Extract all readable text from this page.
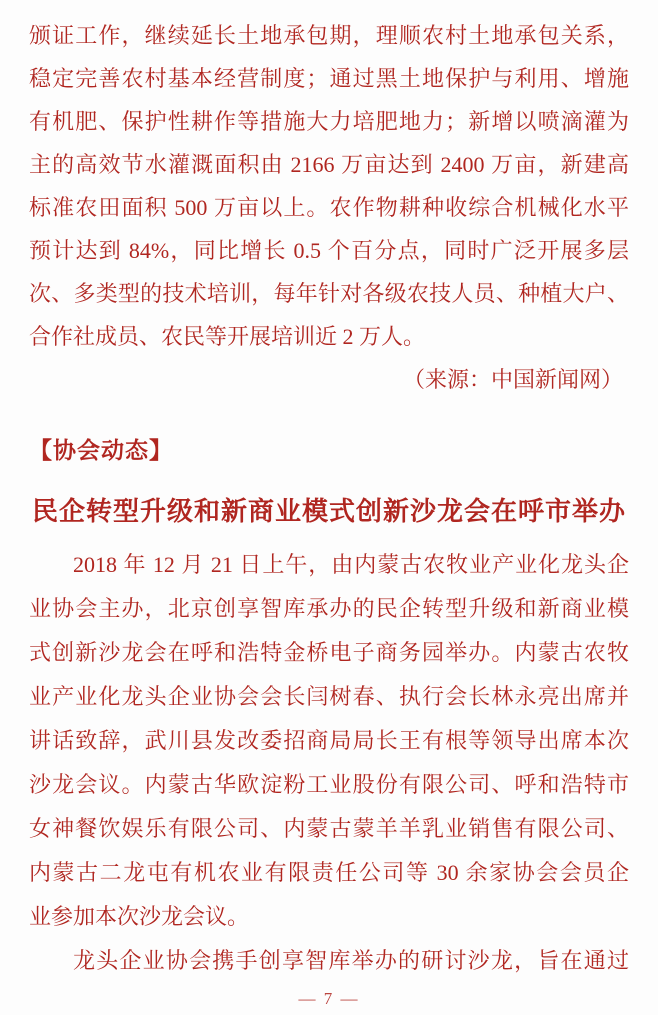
颁证工作，继续延长土地承包期，理顺农村土地承包关系，
稳定完善农村基本经营制度；通过黑土地保护与利用、增施
有机肥、保护性耕作等措施大力培肥地力；新增以喷滴灌为
主的高效节水灌溉面积由 2166 万亩达到 2400 万亩，新建高
标准农田面积 500 万亩以上。农作物耕种收综合机械化水平
预计达到 84%，同比增长 0.5 个百分点，同时广泛开展多层
次、多类型的技术培训，每年针对各级农技人员、种植大户、
合作社成员、农民等开展培训近 2 万人。
（来源：中国新闻网）
【协会动态】
民企转型升级和新商业模式创新沙龙会在呼市举办
2018 年 12 月 21 日上午，由内蒙古农牧业产业化龙头企
业协会主办，北京创享智库承办的民企转型升级和新商业模
式创新沙龙会在呼和浩特金桥电子商务园举办。内蒙古农牧
业产业化龙头企业协会会长闫树春、执行会长林永亮出席并
讲话致辞，武川县发改委招商局局长王有根等领导出席本次
沙龙会议。内蒙古华欧淀粉工业股份有限公司、呼和浩特市
女神餐饮娱乐有限公司、内蒙古蒙羊羊乳业销售有限公司、
内蒙古二龙屯有机农业有限责任公司等 30 余家协会会员企
业参加本次沙龙会议。
龙头企业协会携手创享智库举办的研讨沙龙，旨在通过
— 7 —
